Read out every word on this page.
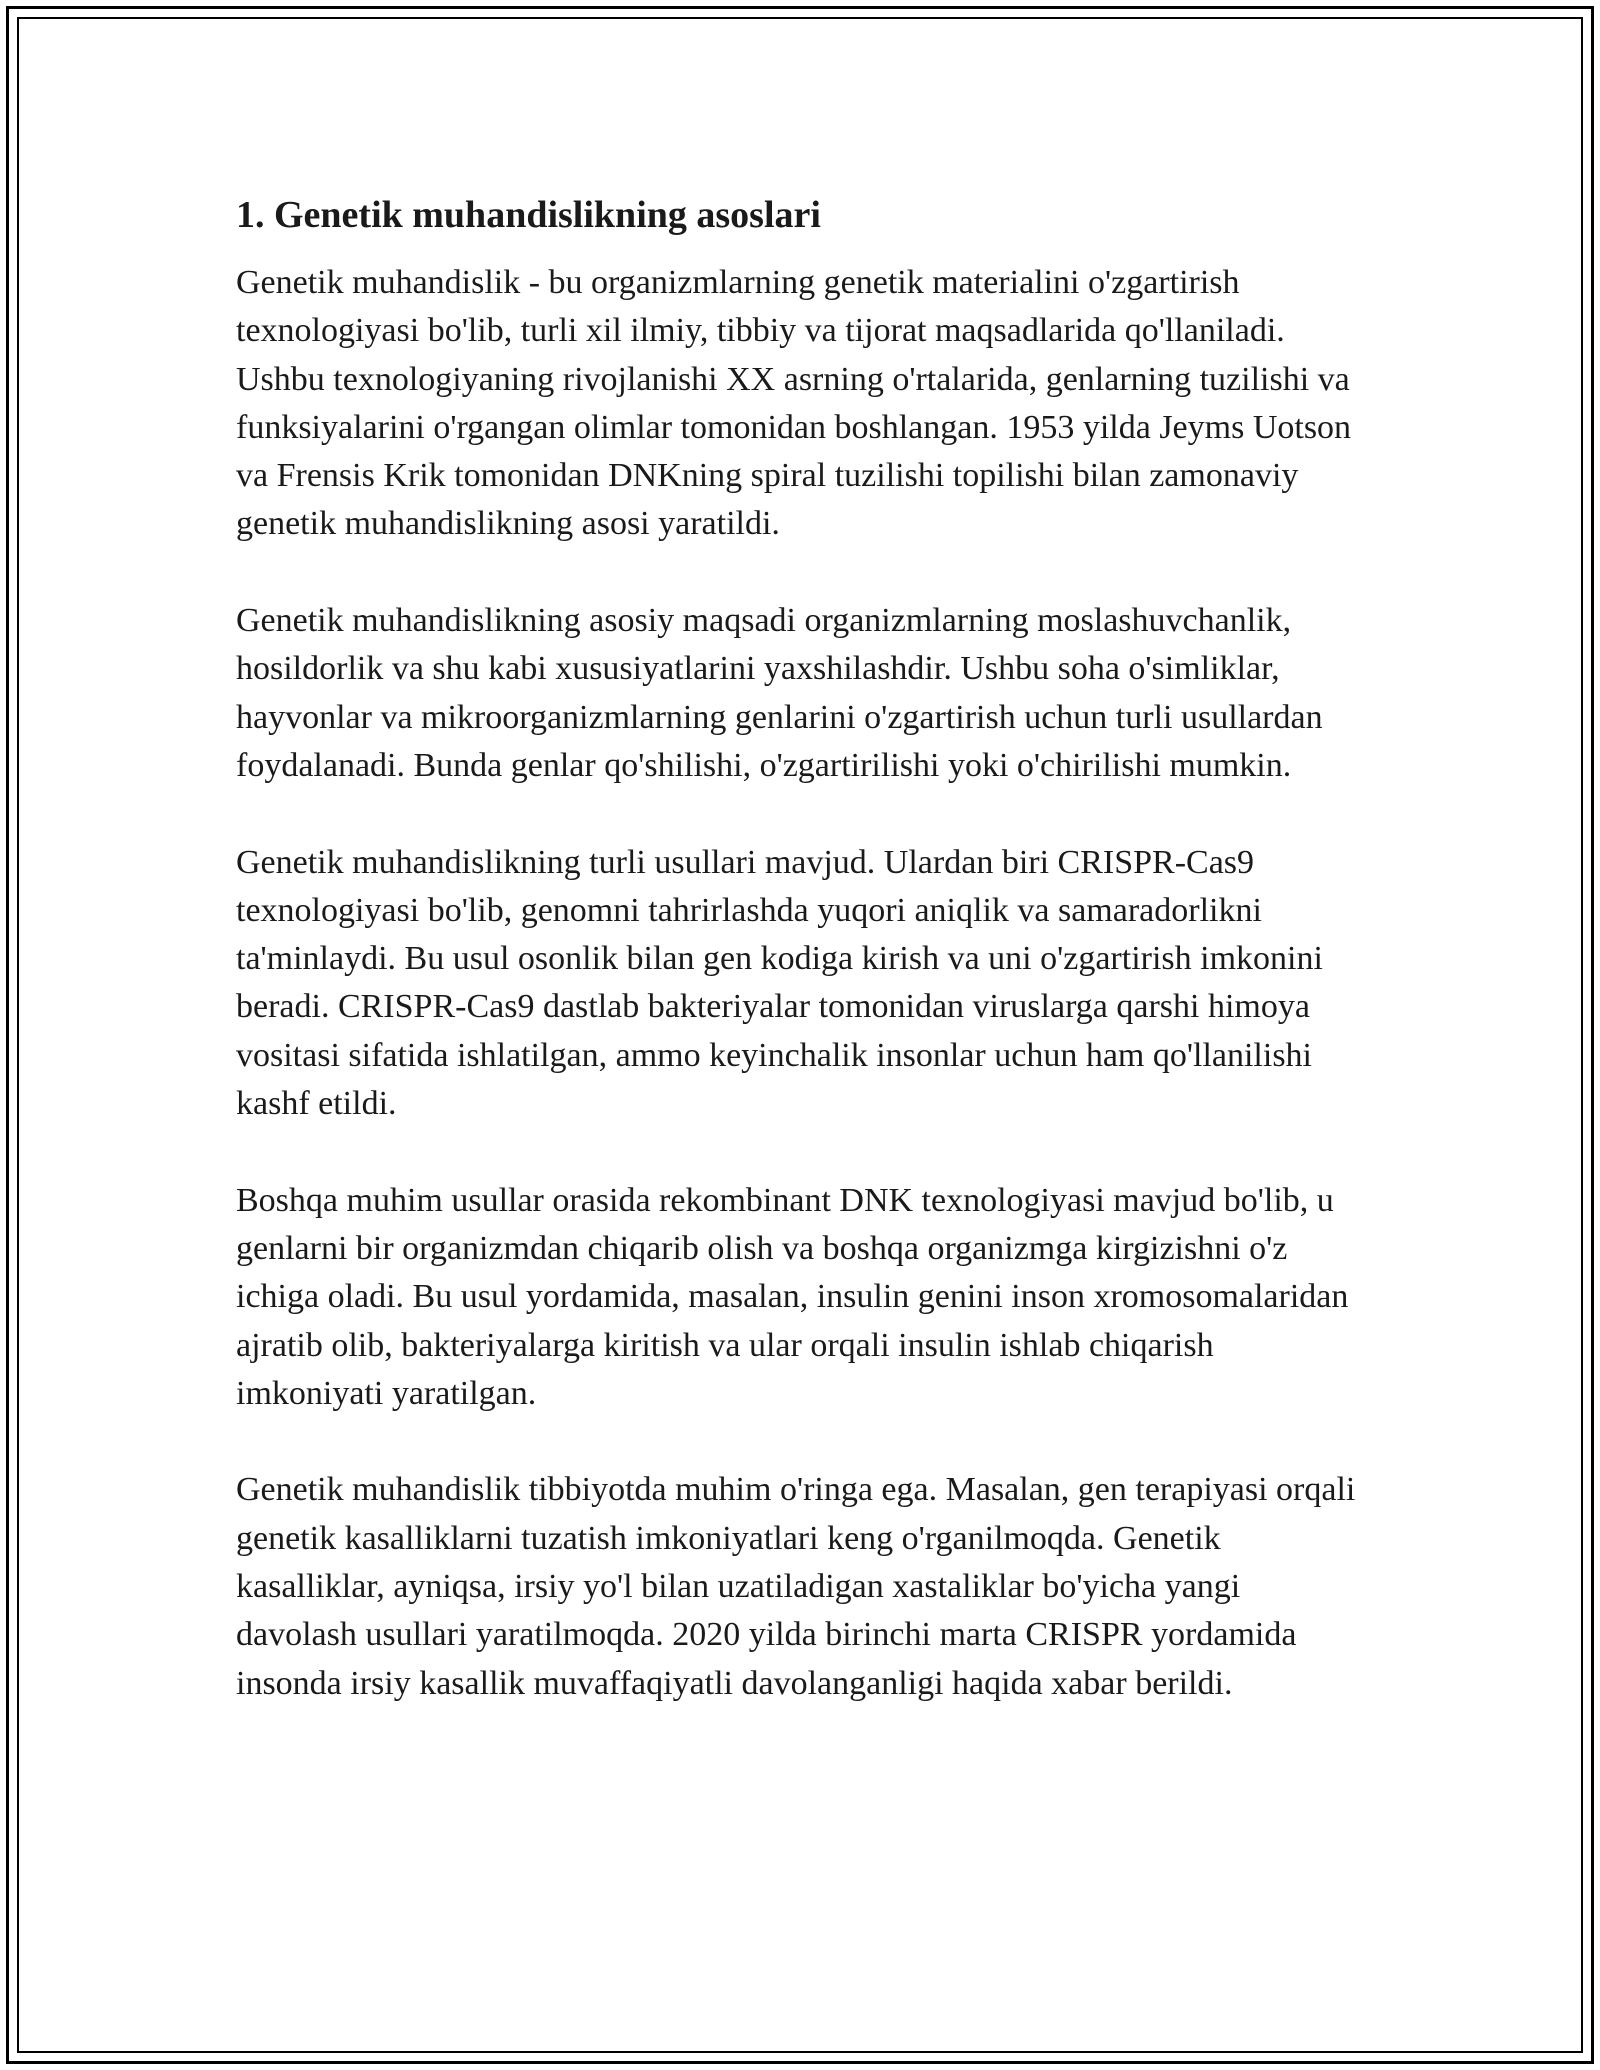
1. Genetik muhandislikning asoslari

Genetik muhandislik - bu organizmlarning genetik materialini o'zgartirish texnologiyasi bo'lib, turli xil ilmiy, tibbiy va tijorat maqsadlarida qo'llaniladi. Ushbu texnologiyaning rivojlanishi XX asrning o'rtalarida, genlarning tuzilishi va funksiyalarini o'rgangan olimlar tomonidan boshlangan. 1953 yilda Jeyms Uotson va Frensis Krik tomonidan DNKning spiral tuzilishi topilishi bilan zamonaviy genetik muhandislikning asosi yaratildi.

Genetik muhandislikning asosiy maqsadi organizmlarning moslashuvchanlik, hosildorlik va shu kabi xususiyatlarini yaxshilashdir. Ushbu soha o'simliklar, hayvonlar va mikroorganizmlarning genlarini o'zgartirish uchun turli usullardan foydalanadi. Bunda genlar qo'shilishi, o'zgartirilishi yoki o'chirilishi mumkin.

Genetik muhandislikning turli usullari mavjud. Ulardan biri CRISPR-Cas9 texnologiyasi bo'lib, genomni tahrirlashda yuqori aniqlik va samaradorlikni ta'minlaydi. Bu usul osonlik bilan gen kodiga kirish va uni o'zgartirish imkonini beradi. CRISPR-Cas9 dastlab bakteriyalar tomonidan viruslarga qarshi himoya vositasi sifatida ishlatilgan, ammo keyinchalik insonlar uchun ham qo'llanilishi kashf etildi.

Boshqa muhim usullar orasida rekombinant DNK texnologiyasi mavjud bo'lib, u genlarni bir organizmdan chiqarib olish va boshqa organizmga kirgizishni o'z ichiga oladi. Bu usul yordamida, masalan, insulin genini inson xromosomalaridan ajratib olib, bakteriyalarga kiritish va ular orqali insulin ishlab chiqarish imkoniyati yaratilgan.

Genetik muhandislik tibbiyotda muhim o'ringa ega. Masalan, gen terapiyasi orqali genetik kasalliklarni tuzatish imkoniyatlari keng o'rganilmoqda. Genetik kasalliklar, ayniqsa, irsiy yo'l bilan uzatiladigan xastaliklar bo'yicha yangi davolash usullari yaratilmoqda. 2020 yilda birinchi marta CRISPR yordamida insonda irsiy kasallik muvaffaqiyatli davolanganligi haqida xabar berildi.
